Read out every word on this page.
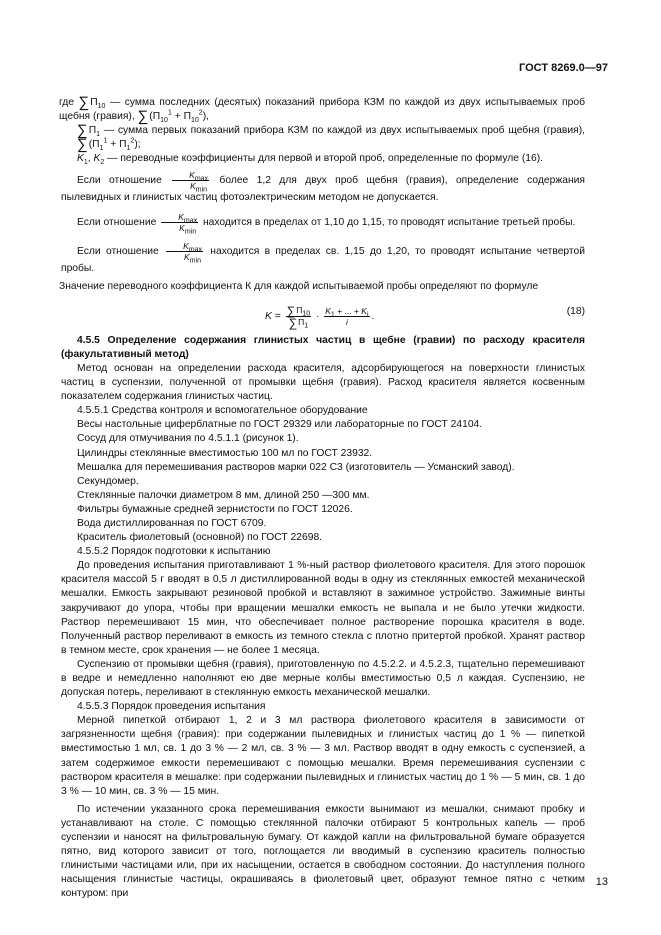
ГОСТ 8269.0—97

где $\sum П_{10}$ — сумма последних (десятых) показаний прибора КЗМ по каждой из двух испытываемых проб щебня (гравия), $\sum(П_{10}^1 + П_{10}^2)$,

$\sum П_1$ — сумма первых показаний прибора КЗМ по каждой из двух испытываемых проб щебня (гравия), $\sum(П_1^1 + П_1^2)$;

$K_1$, $K_2$ — переводные коэффициенты для первой и второй проб, определенные по формуле (16).

Если отношение $\frac{K_{max}}{K_{min}}$ более 1,2 для двух проб щебня (гравия), определение содержания пылевидных и глинистых частиц фотоэлектрическим методом не допускается.

Если отношение $\frac{K_{max}}{K_{min}}$ находится в пределах от 1,10 до 1,15, то проводят испытание третьей пробы.

Если отношение $\frac{K_{max}}{K_{min}}$ находится в пределах св. 1,15 до 1,20, то проводят испытание четвертой пробы.

Значение переводного коэффициента К для каждой испытываемой пробы определяют по формуле

$K = \frac{\sum П_{10}}{\sum П_1} \cdot \frac{K_1 + ... + K_i}{i}$ .	(18)

4.5.5 Определение содержания глинистых частиц в щебне (гравии) по расходу красителя (факультативный метод)

Метод основан на определении расхода красителя, адсорбирующегося на поверхности глинистых частиц в суспензии, полученной от промывки щебня (гравия). Расход красителя является косвенным показателем содержания глинистых частиц.

4.5.5.1 Средства контроля и вспомогательное оборудование

Весы настольные циферблатные по ГОСТ 29329 или лабораторные по ГОСТ 24104.

Сосуд для отмучивания по 4.5.1.1 (рисунок 1).

Цилиндры стеклянные вместимостью 100 мл по ГОСТ 23932.

Мешалка для перемешивания растворов марки 022 С3 (изготовитель — Усманский завод).

Секундомер.

Стеклянные палочки диаметром 8 мм, длиной 250 —300 мм.

Фильтры бумажные средней зернистости по ГОСТ 12026.

Вода дистиллированная по ГОСТ 6709.

Краситель фиолетовый (основной) по ГОСТ 22698.

4.5.5.2 Порядок подготовки к испытанию

До проведения испытания приготавливают 1 %-ный раствор фиолетового красителя. Для этого порошок красителя массой 5 г вводят в 0,5 л дистиллированной воды в одну из стеклянных емкостей механической мешалки. Емкость закрывают резиновой пробкой и вставляют в зажимное устройство. Зажимные винты закручивают до упора, чтобы при вращении мешалки емкость не выпала и не было утечки жидкости. Раствор перемешивают 15 мин, что обеспечивает полное растворение порошка красителя в воде. Полученный раствор переливают в емкость из темного стекла с плотно притертой пробкой. Хранят раствор в темном месте, срок хранения — не более 1 месяца.

Суспензию от промывки щебня (гравия), приготовленную по 4.5.2.2. и 4.5.2.3, тщательно перемешивают в ведре и немедленно наполняют ею две мерные колбы вместимостью 0,5 л каждая. Суспензию, не допуская потерь, переливают в стеклянную емкость механической мешалки.

4.5.5.3 Порядок проведения испытания

Мерной пипеткой отбирают 1, 2 и 3 мл раствора фиолетового красителя в зависимости от загрязненности щебня (гравия): при содержании пылевидных и глинистых частиц до 1 % — пипеткой вместимостью 1 мл, св. 1 до 3 % — 2 мл, св. 3 % — 3 мл. Раствор вводят в одну емкость с суспензией, а затем содержимое емкости перемешивают с помощью мешалки. Время перемешивания суспензии с раствором красителя в мешалке: при содержании пылевидных и глинистых частиц до 1 % — 5 мин, св. 1 до 3 % — 10 мин, св. 3 % — 15 мин.

По истечении указанного срока перемешивания емкости вынимают из мешалки, снимают пробку и устанавливают на столе. С помощью стеклянной палочки отбирают 5 контрольных капель — проб суспензии и наносят на фильтровальную бумагу. От каждой капли на фильтровальной бумаге образуется пятно, вид которого зависит от того, поглощается ли вводимый в суспензию краситель полностью глинистыми частицами или, при их насыщении, остается в свободном состоянии. До наступления полного насыщения глинистые частицы, окрашиваясь в фиолетовый цвет, образуют темное пятно с четким контуром: при

13
